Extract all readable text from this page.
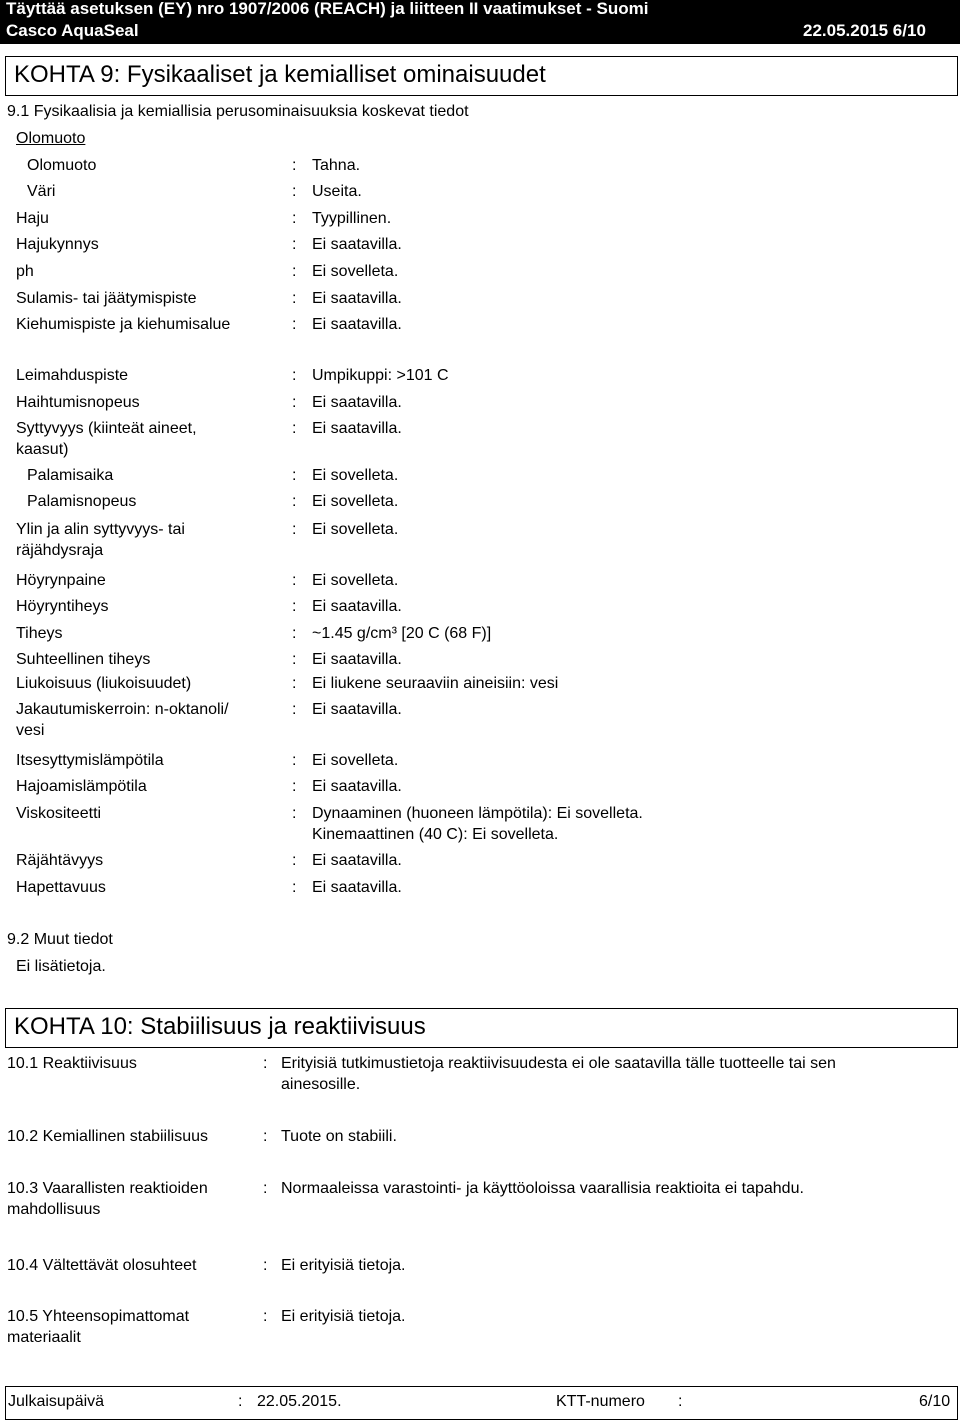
Täyttää asetuksen (EY) nro 1907/2006 (REACH) ja liitteen II vaatimukset - Suomi
Casco AquaSeal	22.05.2015 6/10
KOHTA 9: Fysikaaliset ja kemialliset ominaisuudet
9.1 Fysikaalisia ja kemiallisia perusominaisuuksia koskevat tiedot
Olomuoto
Olomuoto	: Tahna.
Väri	: Useita.
Haju	: Tyypillinen.
Hajukynnys	: Ei saatavilla.
ph	: Ei sovelleta.
Sulamis- tai jäätymispiste	: Ei saatavilla.
Kiehumispiste ja kiehumisalue	: Ei saatavilla.
Leimahduspiste	: Umpikuppi: >101 C
Haihtumisnopeus	: Ei saatavilla.
Syttyvyys (kiinteät aineet,
kaasut)
: Ei saatavilla.
Palamisaika	: Ei sovelleta.
Palamisnopeus	: Ei sovelleta.
Ylin ja alin syttyvyys- tai
räjähdysraja
: Ei sovelleta.
Höyrynpaine	: Ei sovelleta.
Höyryntiheys	: Ei saatavilla.
Tiheys	: ~1.45 g/cm³ [20 C (68 F)]
Suhteellinen tiheys	: Ei saatavilla.
Liukoisuus (liukoisuudet)	: Ei liukene seuraaviin aineisiin: vesi
Jakautumiskerroin: n-oktanoli/
vesi
: Ei saatavilla.
Itsesyttymislämpötila	: Ei sovelleta.
Hajoamislämpötila	: Ei saatavilla.
Viskositeetti	: Dynaaminen (huoneen lämpötila): Ei sovelleta.
Kinemaattinen (40 C): Ei sovelleta.
Räjähtävyys	: Ei saatavilla.
Hapettavuus	: Ei saatavilla.
9.2 Muut tiedot
Ei lisätietoja.
KOHTA 10: Stabiilisuus ja reaktiivisuus
10.1 Reaktiivisuus	: Erityisiä tutkimustietoja reaktiivisuudesta ei ole saatavilla tälle tuotteelle tai sen
ainesosille.
10.2 Kemiallinen stabiilisuus	: Tuote on stabiili.
10.3 Vaarallisten reaktioiden
mahdollisuus
: Normaaleissa varastointi- ja käyttöoloissa vaarallisia reaktioita ei tapahdu.
10.4 Vältettävät olosuhteet	: Ei erityisiä tietoja.
10.5 Yhteensopimattomat
materiaalit
: Ei erityisiä tietoja.
Julkaisupäivä	: 22.05.2015.	KTT-numero :	6/10
